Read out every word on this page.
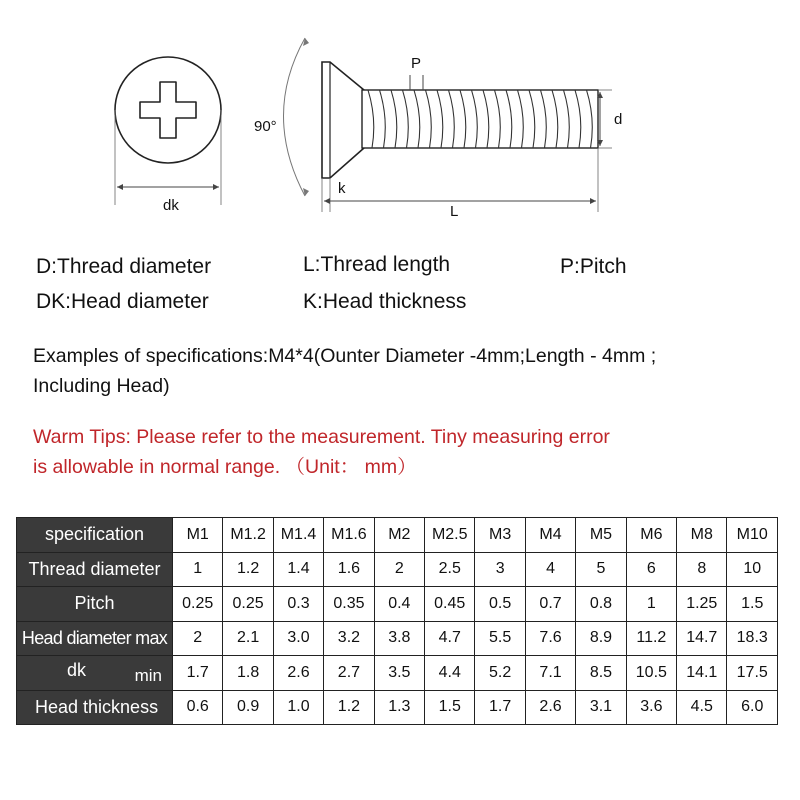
dk
90°
P
d
k
L
D:Thread diameter	L:Thread length	P:Pitch
DK:Head diameter	K:Head thickness
Examples of specifications:M4*4(Ounter Diameter -4mm;Length - 4mm ;
Including Head)
Warm Tips: Please refer to the measurement. Tiny measuring error
is allowable in normal range. （Unit： mm）
specification	M1	M1.2	M1.4	M1.6	M2	M2.5	M3	M4	M5	M6	M8	M10
Thread diameter	1	1.2	1.4	1.6	2	2.5	3	4	5	6	8	10
Pitch	0.25	0.25	0.3	0.35	0.4	0.45	0.5	0.7	0.8	1	1.25	1.5
Head diameter max	2	2.1	3.0	3.2	3.8	4.7	5.5	7.6	8.9	11.2	14.7	18.3

dk min	1.7	1.8	2.6	2.7	3.5	4.4	5.2	7.1	8.5	10.5	14.1	17.5
Head thickness	0.6	0.9	1.0	1.2	1.3	1.5	1.7	2.6	3.1	3.6	4.5	6.0
